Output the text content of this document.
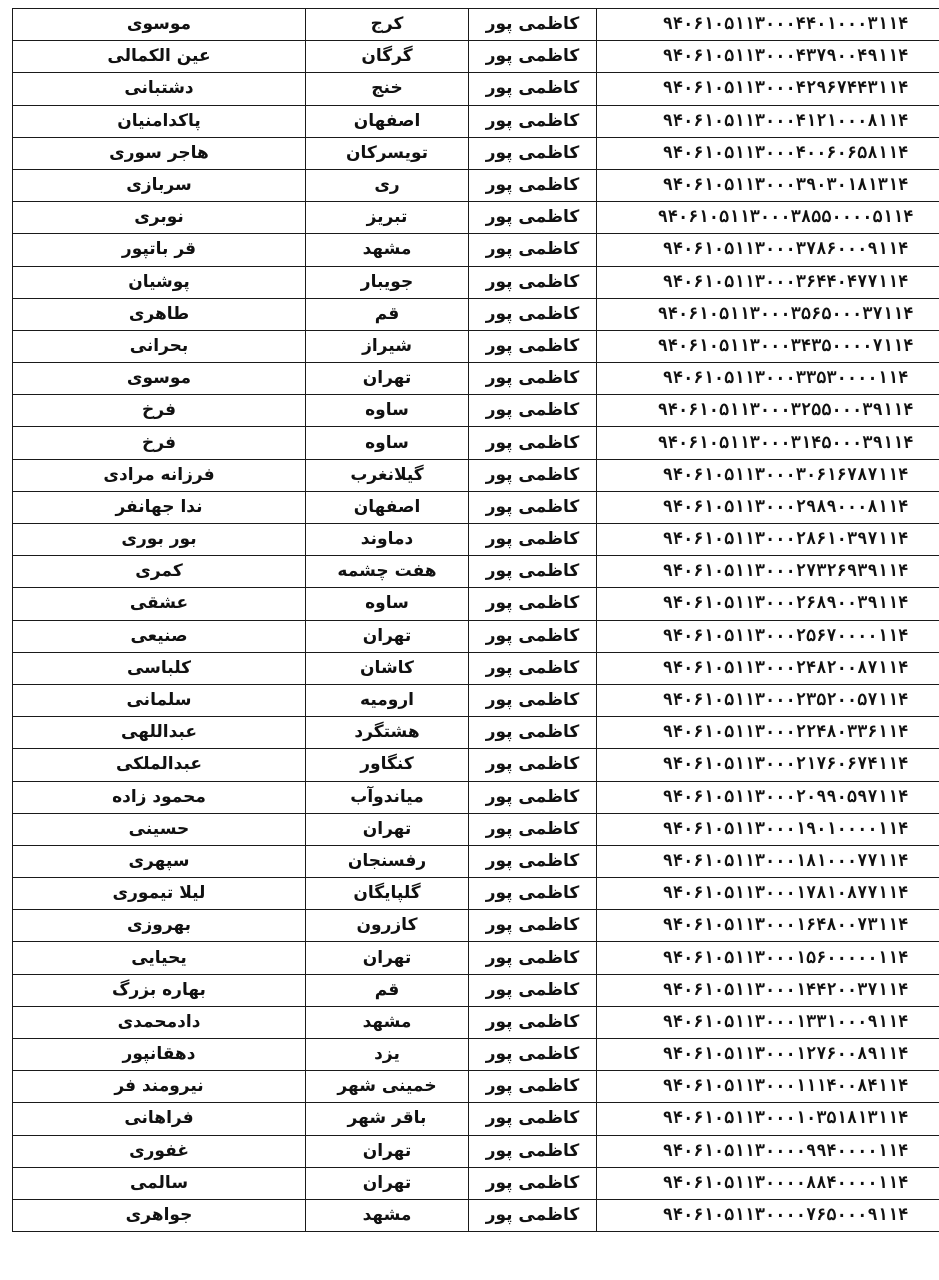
موسوی	کرج	کاظمی پور	۹۴۰۶۱۰۵۱۱۳۰۰۰۴۴۰۱۰۰۰۳۱۱۴
عین الکمالی	گرگان	کاظمی پور	۹۴۰۶۱۰۵۱۱۳۰۰۰۴۳۷۹۰۰۴۹۱۱۴
دشتبانی	خنج	کاظمی پور	۹۴۰۶۱۰۵۱۱۳۰۰۰۴۲۹۶۷۴۴۳۱۱۴
پاکدامنیان	اصفهان	کاظمی پور	۹۴۰۶۱۰۵۱۱۳۰۰۰۴۱۲۱۰۰۰۸۱۱۴
هاجر سوری	تویسرکان	کاظمی پور	۹۴۰۶۱۰۵۱۱۳۰۰۰۴۰۰۶۰۶۵۸۱۱۴
سربازی	ری	کاظمی پور	۹۴۰۶۱۰۵۱۱۳۰۰۰۳۹۰۳۰۱۸۱۳۱۴
نوبری	تبریز	کاظمی پور	۹۴۰۶۱۰۵۱۱۳۰۰۰۳۸۵۵۰۰۰۰۵۱۱۴
قر باتپور	مشهد	کاظمی پور	۹۴۰۶۱۰۵۱۱۳۰۰۰۳۷۸۶۰۰۰۹۱۱۴
پوشیان	جویبار	کاظمی پور	۹۴۰۶۱۰۵۱۱۳۰۰۰۳۶۴۴۰۴۷۷۱۱۴
طاهری	قم	کاظمی پور	۹۴۰۶۱۰۵۱۱۳۰۰۰۳۵۶۵۰۰۰۳۷۱۱۴
بحرانی	شیراز	کاظمی پور	۹۴۰۶۱۰۵۱۱۳۰۰۰۳۴۳۵۰۰۰۰۷۱۱۴
موسوی	تهران	کاظمی پور	۹۴۰۶۱۰۵۱۱۳۰۰۰۳۳۵۳۰۰۰۰۱۱۴
فرخ	ساوه	کاظمی پور	۹۴۰۶۱۰۵۱۱۳۰۰۰۳۲۵۵۰۰۰۳۹۱۱۴
فرخ	ساوه	کاظمی پور	۹۴۰۶۱۰۵۱۱۳۰۰۰۳۱۴۵۰۰۰۳۹۱۱۴
فرزانه مرادی	گیلانغرب	کاظمی پور	۹۴۰۶۱۰۵۱۱۳۰۰۰۳۰۶۱۶۷۸۷۱۱۴
ندا جهانفر	اصفهان	کاظمی پور	۹۴۰۶۱۰۵۱۱۳۰۰۰۲۹۸۹۰۰۰۸۱۱۴
بور بوری	دماوند	کاظمی پور	۹۴۰۶۱۰۵۱۱۳۰۰۰۲۸۶۱۰۳۹۷۱۱۴
کمری	هفت چشمه	کاظمی پور	۹۴۰۶۱۰۵۱۱۳۰۰۰۲۷۳۲۶۹۳۹۱۱۴
عشقی	ساوه	کاظمی پور	۹۴۰۶۱۰۵۱۱۳۰۰۰۲۶۸۹۰۰۳۹۱۱۴
صنیعی	تهران	کاظمی پور	۹۴۰۶۱۰۵۱۱۳۰۰۰۲۵۶۷۰۰۰۰۱۱۴
کلباسی	کاشان	کاظمی پور	۹۴۰۶۱۰۵۱۱۳۰۰۰۲۴۸۲۰۰۸۷۱۱۴
سلمانی	ارومیه	کاظمی پور	۹۴۰۶۱۰۵۱۱۳۰۰۰۲۳۵۲۰۰۵۷۱۱۴
عبداللهی	هشتگرد	کاظمی پور	۹۴۰۶۱۰۵۱۱۳۰۰۰۲۲۴۸۰۳۳۶۱۱۴
عبدالملکی	کنگاور	کاظمی پور	۹۴۰۶۱۰۵۱۱۳۰۰۰۲۱۷۶۰۶۷۴۱۱۴
محمود زاده	میاندوآب	کاظمی پور	۹۴۰۶۱۰۵۱۱۳۰۰۰۲۰۹۹۰۵۹۷۱۱۴
حسینی	تهران	کاظمی پور	۹۴۰۶۱۰۵۱۱۳۰۰۰۱۹۰۱۰۰۰۰۱۱۴
سپهری	رفسنجان	کاظمی پور	۹۴۰۶۱۰۵۱۱۳۰۰۰۱۸۱۰۰۰۷۷۱۱۴
لیلا تیموری	گلپایگان	کاظمی پور	۹۴۰۶۱۰۵۱۱۳۰۰۰۱۷۸۱۰۸۷۷۱۱۴
بهروزی	کازرون	کاظمی پور	۹۴۰۶۱۰۵۱۱۳۰۰۰۱۶۴۸۰۰۷۳۱۱۴
یحیایی	تهران	کاظمی پور	۹۴۰۶۱۰۵۱۱۳۰۰۰۱۵۶۰۰۰۰۰۱۱۴
بهاره بزرگ	قم	کاظمی پور	۹۴۰۶۱۰۵۱۱۳۰۰۰۱۴۴۲۰۰۳۷۱۱۴
دادمحمدی	مشهد	کاظمی پور	۹۴۰۶۱۰۵۱۱۳۰۰۰۱۳۳۱۰۰۰۹۱۱۴
دهقانپور	یزد	کاظمی پور	۹۴۰۶۱۰۵۱۱۳۰۰۰۱۲۷۶۰۰۸۹۱۱۴
نیرومند فر	خمینی شهر	کاظمی پور	۹۴۰۶۱۰۵۱۱۳۰۰۰۱۱۱۴۰۰۸۴۱۱۴
فراهانی	باقر شهر	کاظمی پور	۹۴۰۶۱۰۵۱۱۳۰۰۰۱۰۳۵۱۸۱۳۱۱۴
غفوری	تهران	کاظمی پور	۹۴۰۶۱۰۵۱۱۳۰۰۰۰۹۹۴۰۰۰۰۱۱۴
سالمی	تهران	کاظمی پور	۹۴۰۶۱۰۵۱۱۳۰۰۰۰۸۸۴۰۰۰۰۱۱۴
جواهری	مشهد	کاظمی پور	۹۴۰۶۱۰۵۱۱۳۰۰۰۰۷۶۵۰۰۰۹۱۱۴
